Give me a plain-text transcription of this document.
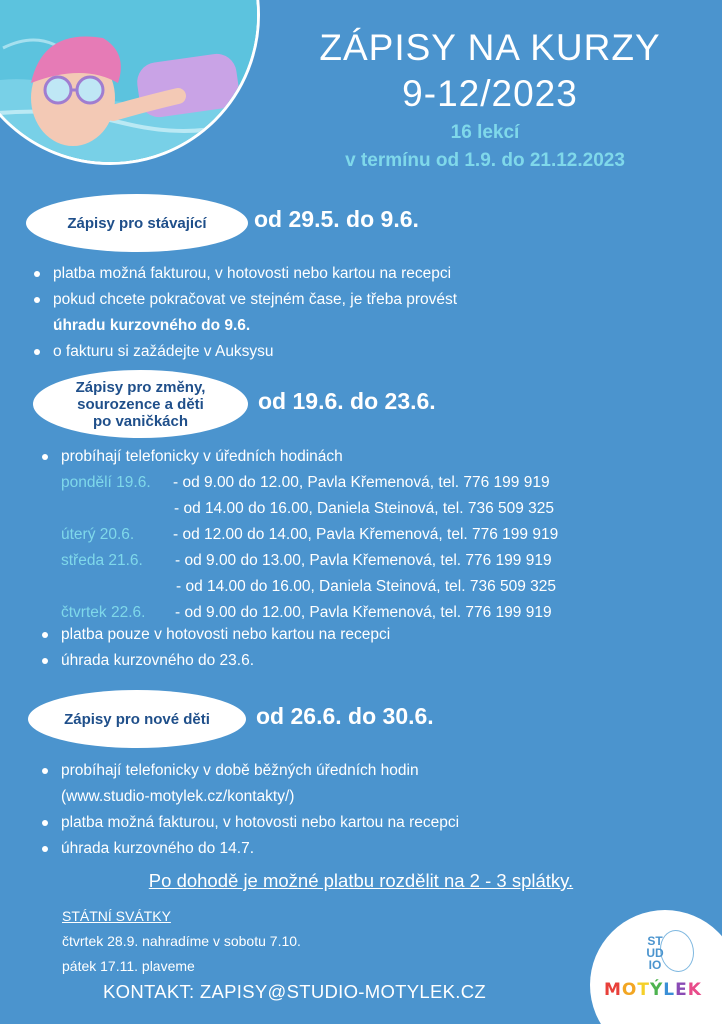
ZÁPISY NA KURZY
9-12/2023
16 lekcí
v termínu od 1.9. do 21.12.2023
Zápisy pro stávající	od 29.5. do 9.6.
platba možná fakturou, v hotovosti nebo kartou na recepci
pokud chcete pokračovat ve stejném čase, je třeba provést
úhradu kurzovného do 9.6.
o fakturu si zažádejte v Auksysu
Zápisy pro změny,
sourozence a děti
po vaničkách
od 19.6. do 23.6.
probíhají telefonicky v úředních hodinách
pondělí 19.6. - od 9.00 do 12.00, Pavla Křemenová, tel. 776 199 919
- od 14.00 do 16.00, Daniela Steinová, tel. 736 509 325
úterý 20.6.	- od 12.00 do 14.00, Pavla Křemenová, tel. 776 199 919
středa 21.6. - od 9.00 do 13.00, Pavla Křemenová, tel. 776 199 919
- od 14.00 do 16.00, Daniela Steinová, tel. 736 509 325
čtvrtek 22.6. - od 9.00 do 12.00, Pavla Křemenová, tel. 776 199 919
platba pouze v hotovosti nebo kartou na recepci
úhrada kurzovného do 23.6.
Zápisy pro nové děti	od 26.6. do 30.6.
probíhají telefonicky v době běžných úředních hodin
(www.studio-motylek.cz/kontakty/)
platba možná fakturou, v hotovosti nebo kartou na recepci
úhrada kurzovného do 14.7.
Po dohodě je možné platbu rozdělit na 2 - 3 splátky.
STÁTNÍ SVÁTKY
čtvrtek 28.9. nahradíme v sobotu 7.10.
pátek 17.11. plaveme
KONTAKT: ZAPISY@STUDIO-MOTYLEK.CZ
ST
UD
IO
MOTÝLEK
